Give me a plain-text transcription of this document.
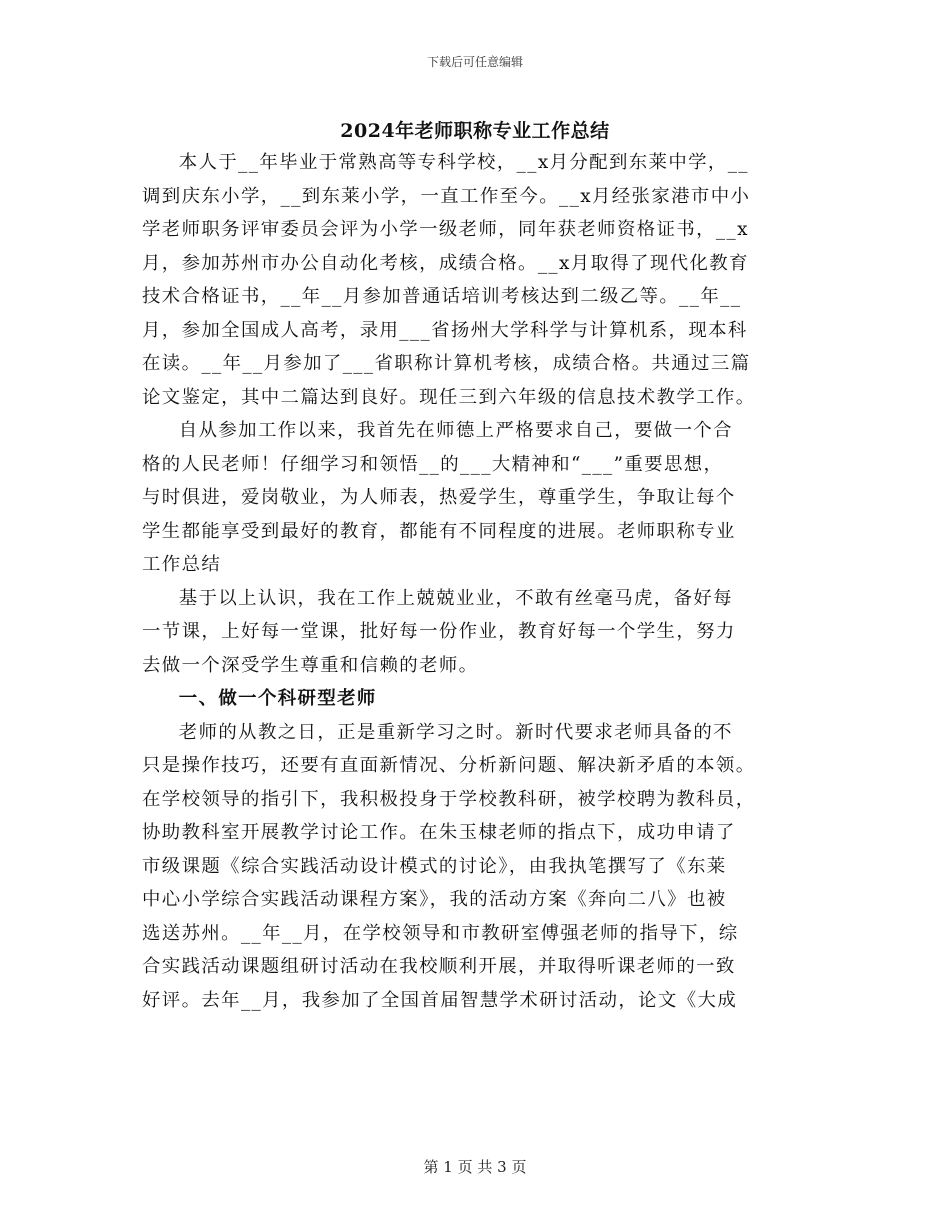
下载后可任意编辑
2024年老师职称专业工作总结

本人于__年毕业于常熟高等专科学校，__x月分配到东莱中学，__

调到庆东小学，__到东莱小学，一直工作至今。__x月经张家港市中小

学老师职务评审委员会评为小学一级老师，同年获老师资格证书，__x

月，参加苏州市办公自动化考核，成绩合格。__x月取得了现代化教育

技术合格证书，__年__月参加普通话培训考核达到二级乙等。__年__

月，参加全国成人高考，录用___省扬州大学科学与计算机系，现本科

在读。__年__月参加了___省职称计算机考核，成绩合格。共通过三篇

论文鉴定，其中二篇达到良好。现任三到六年级的信息技术教学工作。

自从参加工作以来，我首先在师德上严格要求自己，要做一个合

格的人民老师！仔细学习和领悟__的___大精神和“___”重要思想，

与时俱进，爱岗敬业，为人师表，热爱学生，尊重学生，争取让每个

学生都能享受到最好的教育，都能有不同程度的进展。老师职称专业

工作总结

基于以上认识，我在工作上兢兢业业，不敢有丝毫马虎，备好每

一节课，上好每一堂课，批好每一份作业，教育好每一个学生，努力

去做一个深受学生尊重和信赖的老师。

一、做一个科研型老师

老师的从教之日，正是重新学习之时。新时代要求老师具备的不

只是操作技巧，还要有直面新情况、分析新问题、解决新矛盾的本领。

在学校领导的指引下，我积极投身于学校教科研，被学校聘为教科员，

协助教科室开展教学讨论工作。在朱玉棣老师的指点下，成功申请了

市级课题《综合实践活动设计模式的讨论》，由我执笔撰写了《东莱

中心小学综合实践活动课程方案》，我的活动方案《奔向二八》也被

选送苏州。__年__月，在学校领导和市教研室傅强老师的指导下，综

合实践活动课题组研讨活动在我校顺利开展，并取得听课老师的一致

好评。去年__月，我参加了全国首届智慧学术研讨活动，论文《大成

第 1 页 共 3 页
